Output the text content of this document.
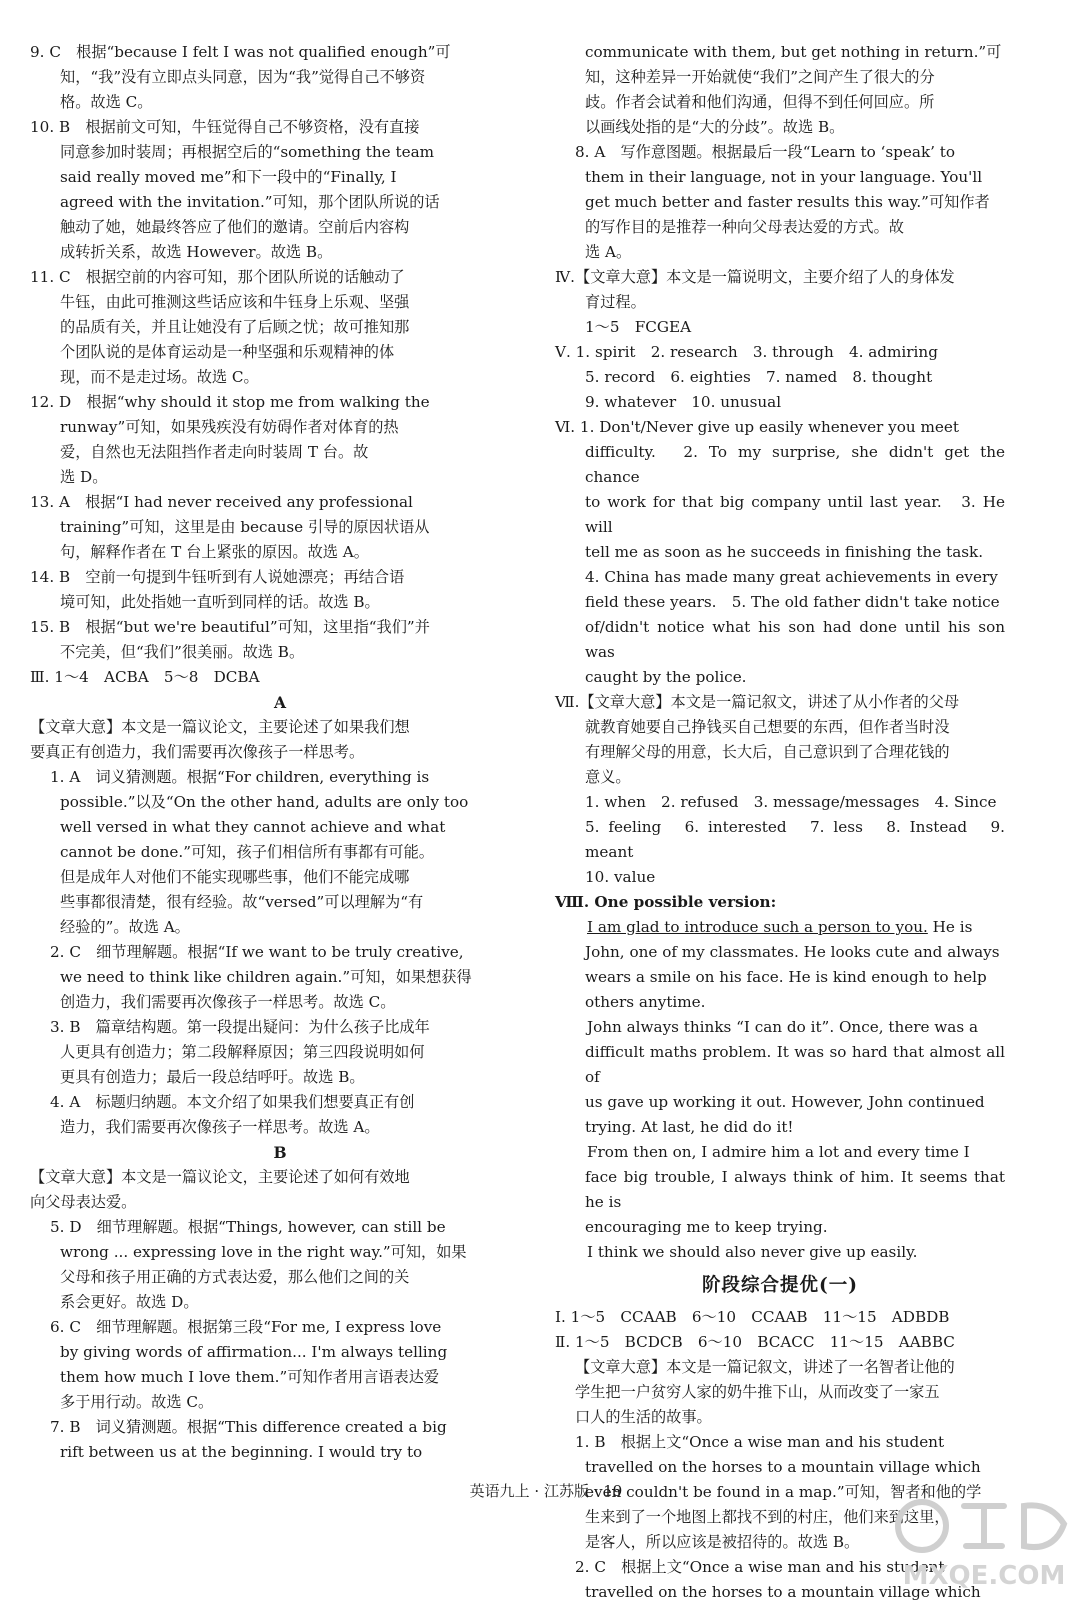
9. C　根据“because I felt I was not qualified enough”可

知，“我”没有立即点头同意，因为“我”觉得自己不够资

格。故选 C。

10. B　根据前文可知，牛钰觉得自己不够资格，没有直接

同意参加时装周；再根据空后的“something the team

said really moved me”和下一段中的“Finally, I

agreed with the invitation.”可知，那个团队所说的话

触动了她，她最终答应了他们的邀请。空前后内容构

成转折关系，故选 However。故选 B。

11. C　根据空前的内容可知，那个团队所说的话触动了

牛钰，由此可推测这些话应该和牛钰身上乐观、坚强

的品质有关，并且让她没有了后顾之忧；故可推知那

个团队说的是体育运动是一种坚强和乐观精神的体

现，而不是走过场。故选 C。

12. D　根据“why should it stop me from walking the

runway”可知，如果残疾没有妨碍作者对体育的热

爱，自然也无法阻挡作者走向时装周 T 台。故

选 D。

13. A　根据“I had never received any professional

training”可知，这里是由 because 引导的原因状语从

句，解释作者在 T 台上紧张的原因。故选 A。

14. B　空前一句提到牛钰听到有人说她漂亮；再结合语

境可知，此处指她一直听到同样的话。故选 B。

15. B　根据“but we're beautiful”可知，这里指“我们”并

不完美，但“我们”很美丽。故选 B。

Ⅲ. 1～4　ACBA　5～8　DCBA

A

【文章大意】本文是一篇议论文，主要论述了如果我们想

要真正有创造力，我们需要再次像孩子一样思考。

1. A　词义猜测题。根据“For children, everything is

possible.”以及“On the other hand, adults are only too

well versed in what they cannot achieve and what

cannot be done.”可知，孩子们相信所有事都有可能。

但是成年人对他们不能实现哪些事，他们不能完成哪

些事都很清楚，很有经验。故“versed”可以理解为“有

经验的”。故选 A。

2. C　细节理解题。根据“If we want to be truly creative,

we need to think like children again.”可知，如果想获得

创造力，我们需要再次像孩子一样思考。故选 C。

3. B　篇章结构题。第一段提出疑问：为什么孩子比成年

人更具有创造力；第二段解释原因；第三四段说明如何

更具有创造力；最后一段总结呼吁。故选 B。

4. A　标题归纳题。本文介绍了如果我们想要真正有创

造力，我们需要再次像孩子一样思考。故选 A。

B

【文章大意】本文是一篇议论文，主要论述了如何有效地

向父母表达爱。

5. D　细节理解题。根据“Things, however, can still be

wrong ... expressing love in the right way.”可知，如果

父母和孩子用正确的方式表达爱，那么他们之间的关

系会更好。故选 D。

6. C　细节理解题。根据第三段“For me, I express love

by giving words of affirmation... I'm always telling

them how much I love them.”可知作者用言语表达爱

多于用行动。故选 C。

7. B　词义猜测题。根据“This difference created a big

rift between us at the beginning. I would try to

communicate with them, but get nothing in return.”可

知，这种差异一开始就使“我们”之间产生了很大的分

歧。作者会试着和他们沟通，但得不到任何回应。所

以画线处指的是“大的分歧”。故选 B。

8. A　写作意图题。根据最后一段“Learn to ‘speak’ to

them in their language, not in your language. You'll

get much better and faster results this way.”可知作者

的写作目的是推荐一种向父母表达爱的方式。故

选 A。

Ⅳ.【文章大意】本文是一篇说明文，主要介绍了人的身体发

育过程。

1～5　FCGEA

Ⅴ. 1. spirit　2. research　3. through　4. admiring

5. record　6. eighties　7. named　8. thought

9. whatever　10. unusual

Ⅵ. 1. Don't/Never give up easily whenever you meet

difficulty.　2. To my surprise, she didn't get the chance

to work for that big company until last year.　3. He will

tell me as soon as he succeeds in finishing the task.

4. China has made many great achievements in every

field these years.　5. The old father didn't take notice

of/didn't notice what his son had done until his son was

caught by the police.

Ⅶ.【文章大意】本文是一篇记叙文，讲述了从小作者的父母

就教育她要自己挣钱买自己想要的东西，但作者当时没

有理解父母的用意，长大后，自己意识到了合理花钱的

意义。

1. when　2. refused　3. message/messages　4. Since

5. feeling　6. interested　7. less　8. Instead　9. meant

10. value

Ⅷ. One possible version:

I am glad to introduce such a person to you. He is

John, one of my classmates. He looks cute and always

wears a smile on his face. He is kind enough to help

others anytime.

John always thinks “I can do it”. Once, there was a

difficult maths problem. It was so hard that almost all of

us gave up working it out. However, John continued

trying. At last, he did do it!

From then on, I admire him a lot and every time I

face big trouble, I always think of him. It seems that he is

encouraging me to keep trying.

I think we should also never give up easily.

阶段综合提优(一)

Ⅰ. 1～5　CCAAB　6～10　CCAAB　11～15　ADBDB

Ⅱ. 1～5　BCDCB　6～10　BCACC　11～15　AABBC

【文章大意】本文是一篇记叙文，讲述了一名智者让他的

学生把一户贫穷人家的奶牛推下山，从而改变了一家五

口人的生活的故事。

1. B　根据上文“Once a wise man and his student

travelled on the horses to a mountain village which

even couldn't be found in a map.”可知，智者和他的学

生来到了一个地图上都找不到的村庄，他们来到这里，

是客人，所以应该是被招待的。故选 B。

2. C　根据上文“Once a wise man and his student

travelled on the horses to a mountain village which

英语九上 · 江苏版 · 19
MXQE.COM
